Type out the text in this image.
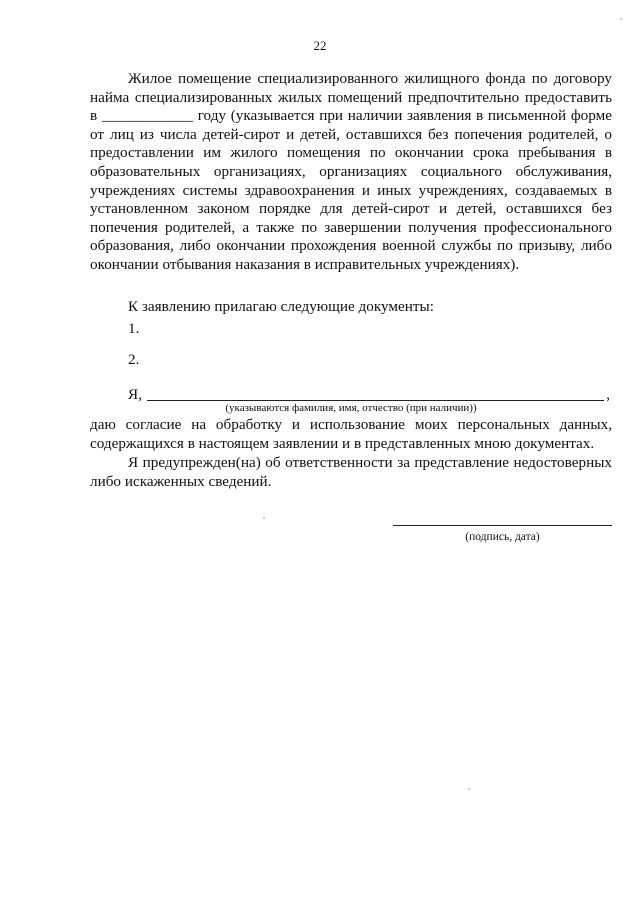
22

Жилое помещение специализированного жилищного фонда по договору найма специализированных жилых помещений предпочтительно предоставить в ____________ году (указывается при наличии заявления в письменной форме от лиц из числа детей-сирот и детей, оставшихся без попечения родителей, о предоставлении им жилого помещения по окончании срока пребывания в образовательных организациях, организациях социального обслуживания, учреждениях системы здравоохранения и иных учреждениях, создаваемых в установленном законом порядке для детей-сирот и детей, оставшихся без попечения родителей, а также по завершении получения профессионального образования, либо окончании прохождения военной службы по призыву, либо окончании отбывания наказания в исправительных учреждениях).

К заявлению прилагаю следующие документы:
1.
2.
Я,	,
(указываются фамилия, имя, отчество (при наличии))

даю согласие на обработку и использование моих персональных данных, содержащихся в настоящем заявлении и в представленных мною документах.

Я предупрежден(на) об ответственности за представление недостоверных либо искаженных сведений.

(подпись, дата)
